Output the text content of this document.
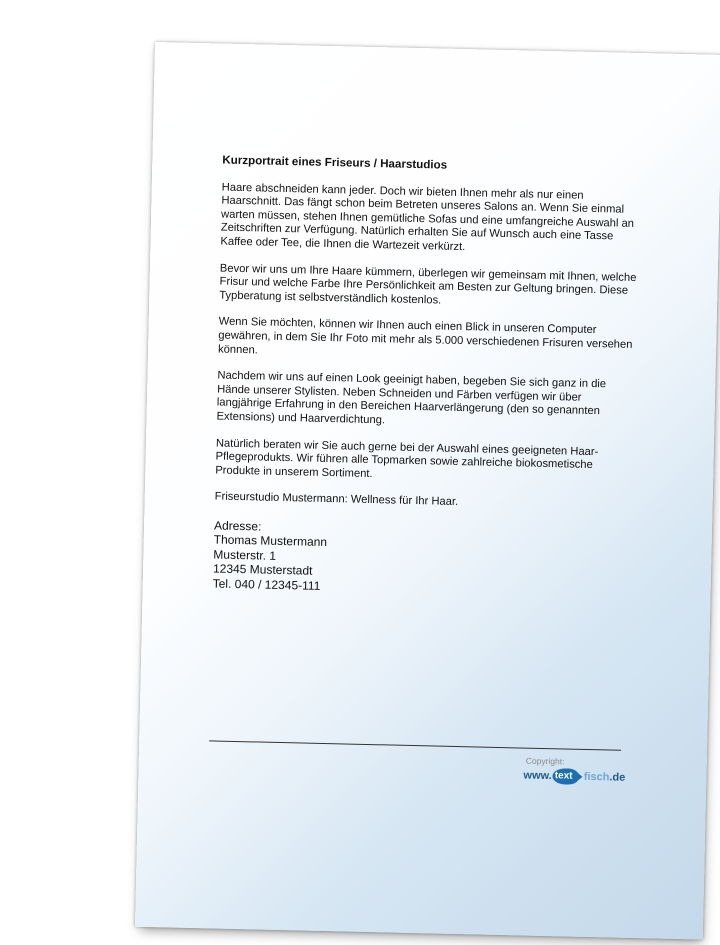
Kurzportrait eines Friseurs / Haarstudios

Haare abschneiden kann jeder. Doch wir bieten Ihnen mehr als nur einen Haarschnitt. Das fängt schon beim Betreten unseres Salons an. Wenn Sie einmal warten müssen, stehen Ihnen gemütliche Sofas und eine umfangreiche Auswahl an Zeitschriften zur Verfügung. Natürlich erhalten Sie auf Wunsch auch eine Tasse Kaffee oder Tee, die Ihnen die Wartezeit verkürzt.

Bevor wir uns um Ihre Haare kümmern, überlegen wir gemeinsam mit Ihnen, welche Frisur und welche Farbe Ihre Persönlichkeit am Besten zur Geltung bringen. Diese Typberatung ist selbstverständlich kostenlos.

Wenn Sie möchten, können wir Ihnen auch einen Blick in unseren Computer gewähren, in dem Sie Ihr Foto mit mehr als 5.000 verschiedenen Frisuren versehen können.

Nachdem wir uns auf einen Look geeinigt haben, begeben Sie sich ganz in die Hände unserer Stylisten. Neben Schneiden und Färben verfügen wir über langjährige Erfahrung in den Bereichen Haarverlängerung (den so genannten Extensions) und Haarverdichtung.

Natürlich beraten wir Sie auch gerne bei der Auswahl eines geeigneten Haar-Pflegeprodukts. Wir führen alle Topmarken sowie zahlreiche biokosmetische Produkte in unserem Sortiment.

Friseurstudio Mustermann: Wellness für Ihr Haar.

Adresse:
Thomas Mustermann
Musterstr. 1
12345 Musterstadt
Tel. 040 / 12345-111
Copyright:
www. text fisch.de
